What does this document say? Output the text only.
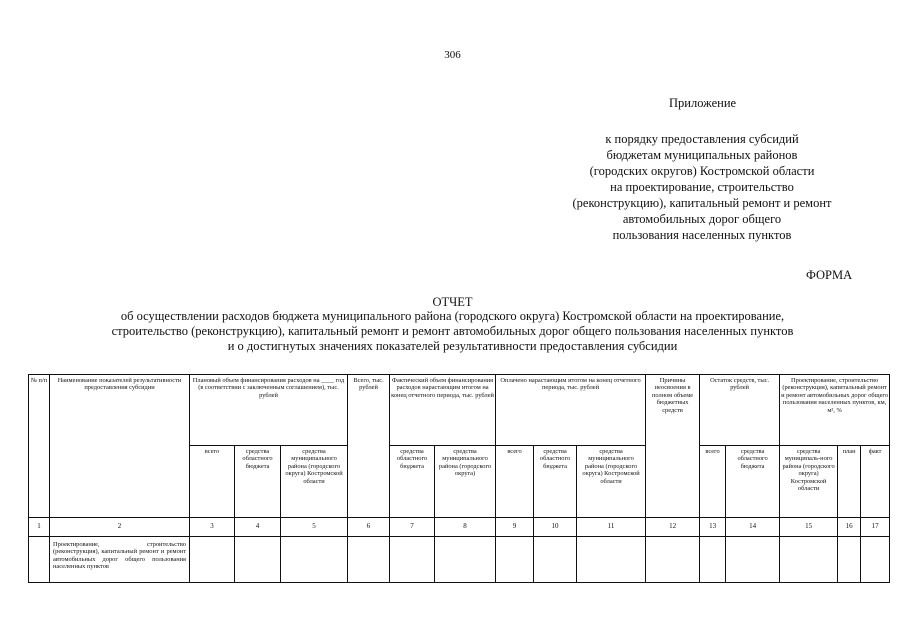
306
Приложение
к порядку предоставления субсидий
бюджетам муниципальных районов
(городских округов) Костромской области
на проектирование, строительство
(реконструкцию), капитальный ремонт и ремонт
автомобильных дорог общего
пользования населенных пунктов
ФОРМА
ОТЧЕТ
об осуществлении расходов бюджета муниципального района (городского округа) Костромской области на проектирование,
строительство (реконструкцию), капитальный ремонт и ремонт автомобильных дорог общего пользования населенных пунктов
и о достигнутых значениях показателей результативности предоставления субсидии
№ п/п	Наименование показателей результативности предоставления субсидии	Плановый объем финансирования расходов на ____ год (в соответствии с заключенным соглашением), тыс. рублей			Всего, тыс. рублей	Фактический объем финансирования расходов нарастающим итогом на конец отчетного периода, тыс. рублей		Оплачено нарастающим итогом на конец отчетного периода, тыс. рублей			Причины неосвоения в полном объеме бюджетных средств	Остаток средств, тыс. рублей		Проектирование, строительство (реконструкция), капитальный ремонт и ремонт автомобильных дорог общего пользования населенных пунктов, км, м², %		
		всего	средства областного бюджета	средства муниципального района (городского округа) Костромской области		средства областного бюджета	средства муниципального района (городского округа)	всего	средства областного бюджета	средства муниципального района (городского округа) Костромской области		всего	средства областного бюджета	средства муниципаль-ного района (городского округа) Костромской области	план	факт
1	2	3	4	5	6	7	8	9	10	11	12	13	14	15	16	17
	Проектирование, строительство (реконструкция), капитальный ремонт и ремонт автомобильных дорог общего пользования населенных пунктов															
